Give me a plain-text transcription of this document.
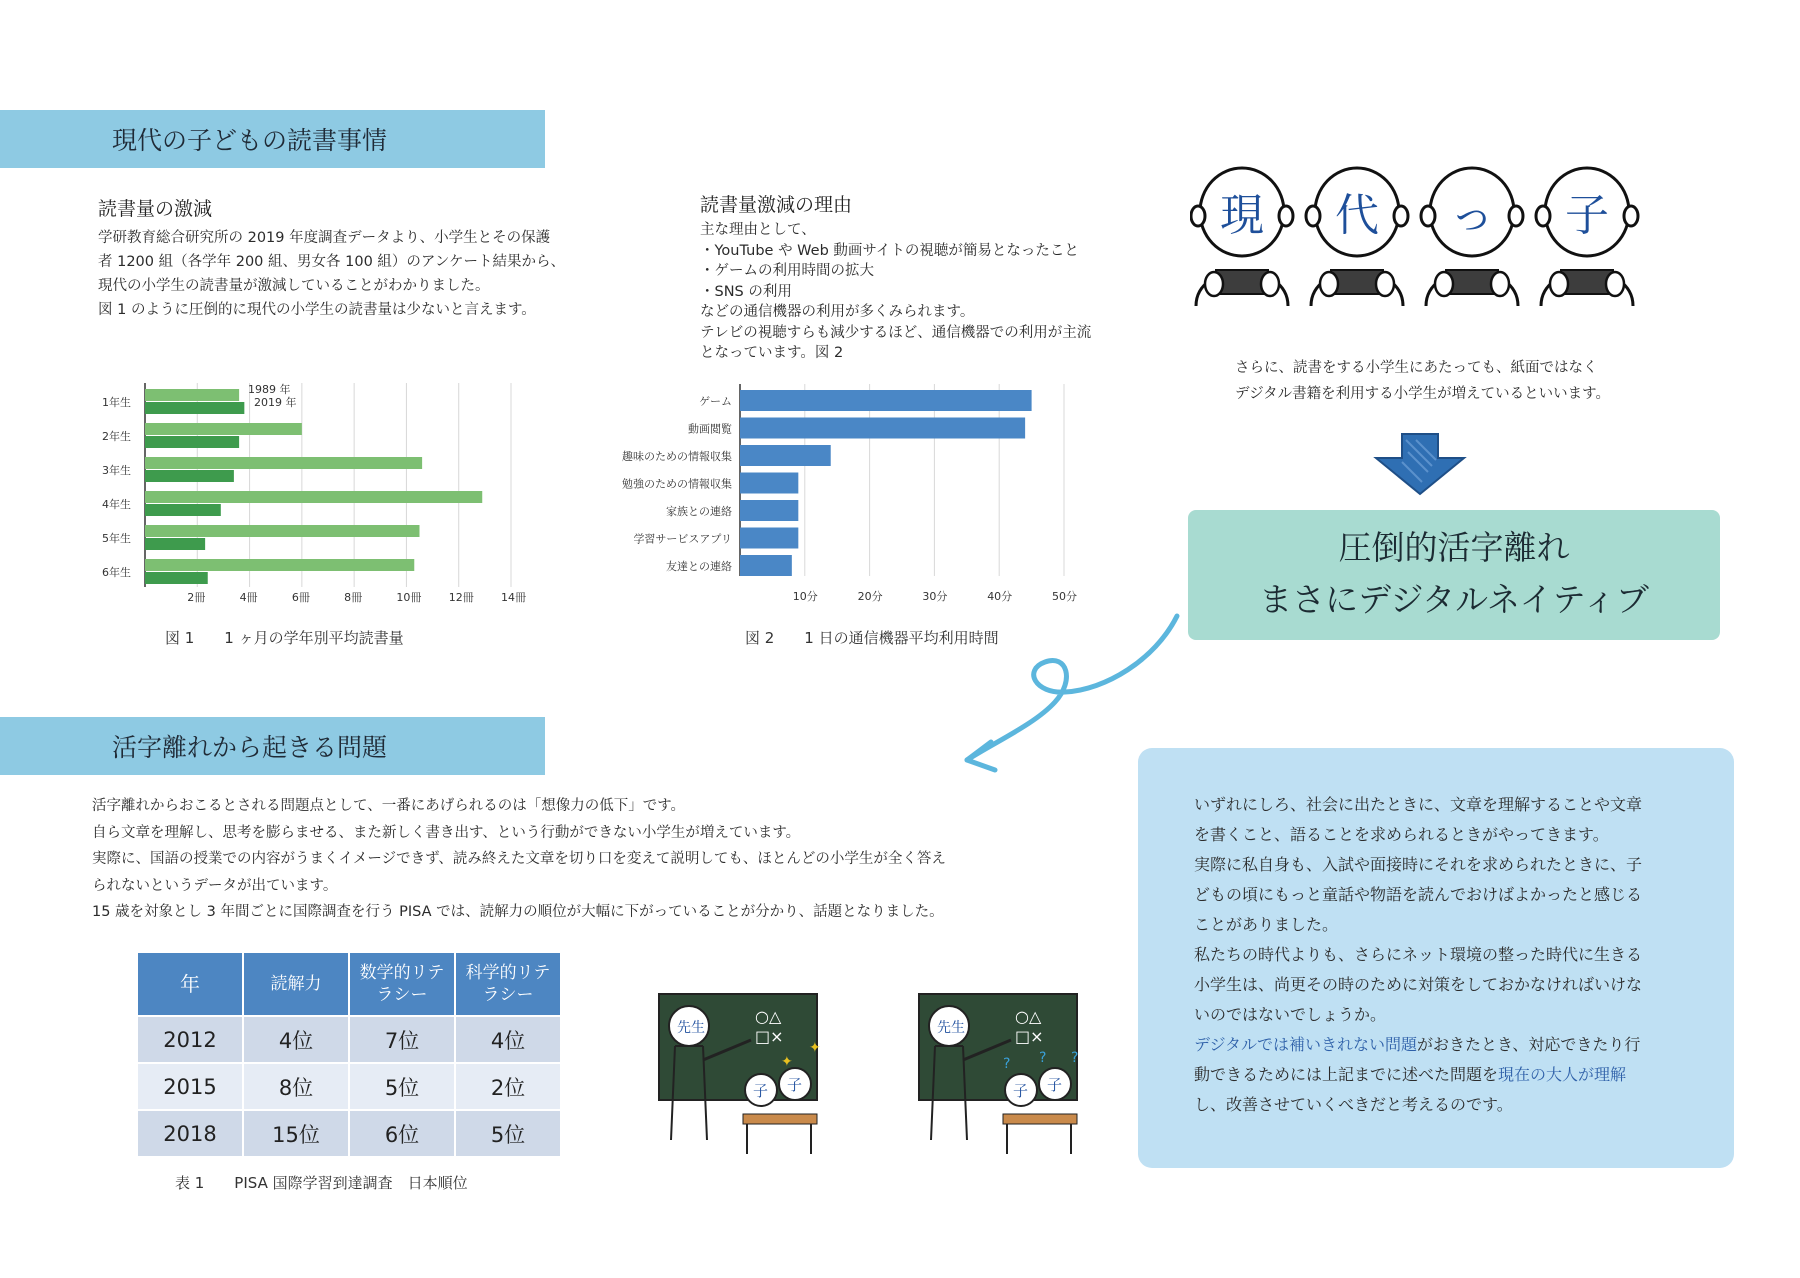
現代の子どもの読書事情
読書量の激減
学研教育総合研究所の 2019 年度調査データより、小学生とその保護
者 1200 組（各学年 200 組、男女各 100 組）のアンケート結果から、
現代の小学生の読書量が激減していることがわかりました。
図 1 のように圧倒的に現代の小学生の読書量は少ないと言えます。
読書量激減の理由
主な理由として、
・YouTube や Web 動画サイトの視聴が簡易となったこと
・ゲームの利用時間の拡大
・SNS の利用
などの通信機器の利用が多くみられます。
テレビの視聴すらも減少するほど、通信機器での利用が主流
となっています。図 2
2冊	4冊	6冊	8冊	10冊 12冊 14冊
1年生
2年生
3年生
4年生
5年生
6年生
1989 年
2019 年
図 1　　1 ヶ月の学年別平均読書量
10分	20分	30分	40分	50分
ゲーム
動画閲覧
趣味のための情報収集
勉強のための情報収集
家族との連絡
学習サービスアプリ
友達との連絡
図 2　　1 日の通信機器平均利用時間
現 代 っ 子
さらに、読書をする小学生にあたっても、紙面ではなく
デジタル書籍を利用する小学生が増えているといいます。
圧倒的活字離れ
まさにデジタルネイティブ
活字離れから起きる問題
活字離れからおこるとされる問題点として、一番にあげられるのは「想像力の低下」です。
自ら文章を理解し、思考を膨らませる、また新しく書き出す、という行動ができない小学生が増えています。
実際に、国語の授業での内容がうまくイメージできず、読み終えた文章を切り口を変えて説明しても、ほとんどの小学生が全く答え
られないというデータが出ています。
15 歳を対象とし 3 年間ごとに国際調査を行う PISA では、読解力の順位が大幅に下がっていることが分かり、話題となりました。
年	読解力	数学的リテ
ラシー	科学的リテ
ラシー
2012	4位	7位	4位
2015	8位	5位	2位
2018	15位	6位	5位
表 1　　PISA 国際学習到達調査　日本順位
○△
□×
先生
子 子
✦
✦
○△
□×
先生
子 子
? ? ?
いずれにしろ、社会に出たときに、文章を理解することや文章
を書くこと、語ることを求められるときがやってきます。
実際に私自身も、入試や面接時にそれを求められたときに、子
どもの頃にもっと童話や物語を読んでおけばよかったと感じる
ことがありました。
私たちの時代よりも、さらにネット環境の整った時代に生きる
小学生は、尚更その時のために対策をしておかなければいけな
いのではないでしょうか。
デジタルでは補いきれない問題がおきたとき、対応できたり行
動できるためには上記までに述べた問題を現在の大人が理解
し、改善させていくべきだと考えるのです。
